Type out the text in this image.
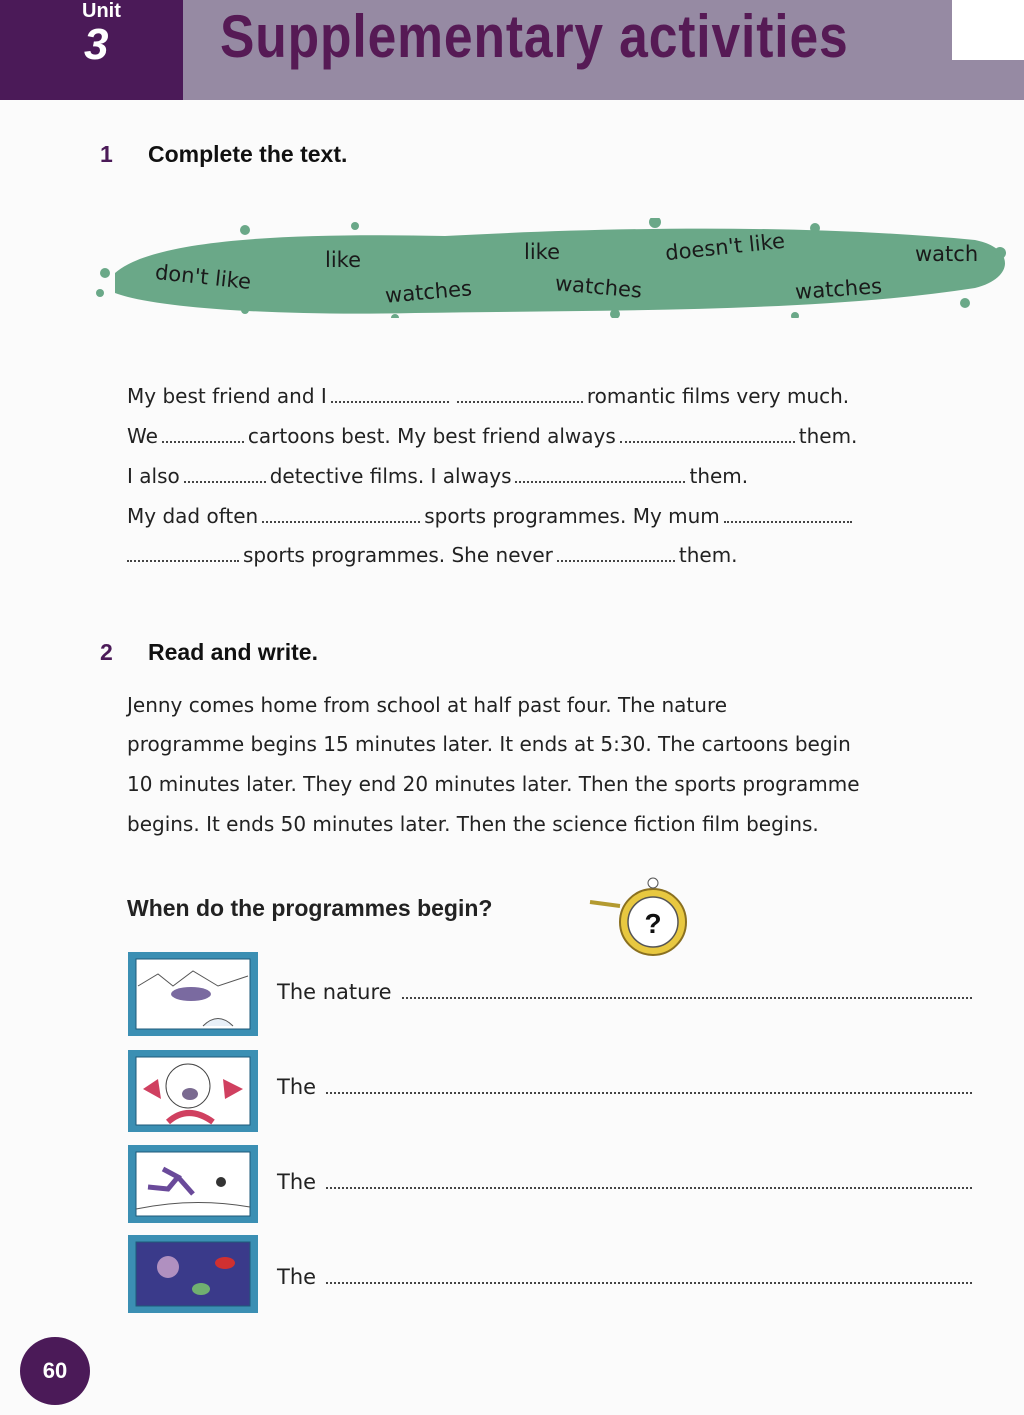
Unit
3 Supplementary activities
1 Complete the text.
don't like
like
watches
like
watches
doesn't like
watches
watch
My best friend and I	romantic films very much.
We	cartoons best. My best friend always	them.
I also	detective films. I always	them.
My dad often	sports programmes. My mum
sports programmes. She never	them.
2 Read and write.
Jenny comes home from school at half past four. The nature
programme begins 15 minutes later. It ends at 5:30. The cartoons begin
10 minutes later. They end 20 minutes later. Then the sports programme
begins. It ends 50 minutes later. Then the science fiction film begins.
When do the programmes begin?	?
The nature
The
The
The
60
